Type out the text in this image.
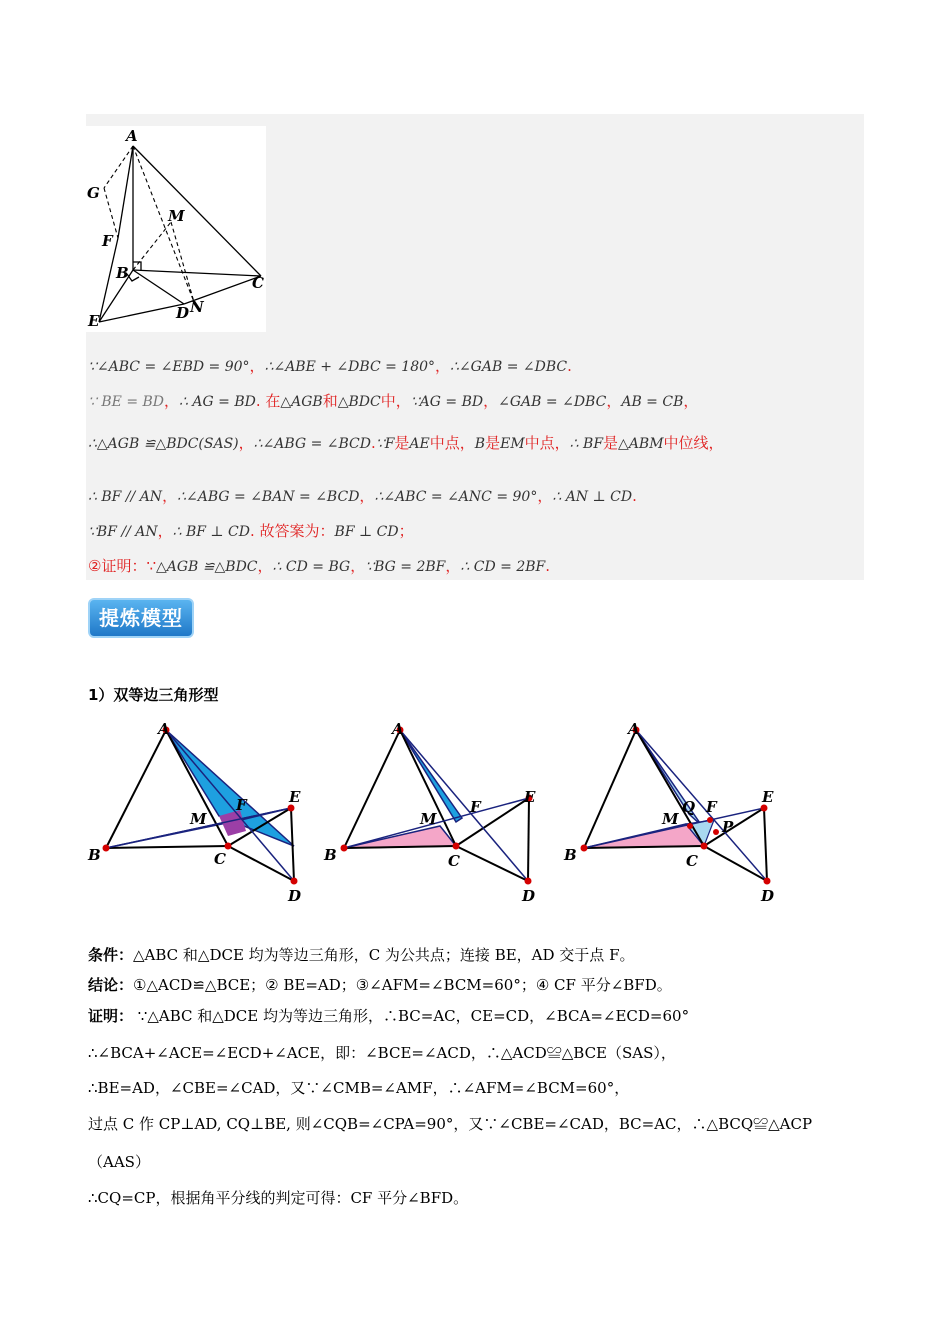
A
G
M
F
B
C
E	D N
∵∠ABC = ∠EBD = 90°，∴∠ABE + ∠DBC = 180°，∴∠GAB = ∠DBC.
∵ BE = BD，∴ AG = BD. 在△AGB和△BDC中，∵AG = BD，∠GAB = ∠DBC，AB = CB，
∴△AGB ≌△BDC(SAS)，∴∠ABG = ∠BCD.∵F是AE中点，B是EM中点，∴ BF是△ABM中位线，
∴ BF // AN，∴∠ABG = ∠BAN = ∠BCD，∴∠ABC = ∠ANC = 90°，∴ AN ⊥ CD.
∵BF // AN，∴ BF ⊥ CD. 故答案为：BF ⊥ CD；
②证明：∵△AGB ≌△BDC，∴ CD = BG，∵BG = 2BF，∴ CD = 2BF.
提炼模型
1）双等边三角形型
A
B	C
D
E
F
M
A
B	C
D
E
F
M
A
B	C
D
E
F
M
Q
P
条件：△ABC 和△DCE 均为等边三角形，C 为公共点；连接 BE，AD 交于点 F。
结论：①△ACD≌△BCE；② BE=AD；③∠AFM=∠BCM=60°；④ CF 平分∠BFD。
证明： ∵△ABC 和△DCE 均为等边三角形，∴BC=AC，CE=CD，∠BCA=∠ECD=60°
∴∠BCA+∠ACE=∠ECD+∠ACE，即：∠BCE=∠ACD，∴△ACD≌△BCE（SAS），
∴BE=AD，∠CBE=∠CAD，又∵∠CMB=∠AMF，∴∠AFM=∠BCM=60°，
过点 C 作 CP⊥AD, CQ⊥BE, 则∠CQB=∠CPA=90°，又∵∠CBE=∠CAD，BC=AC，∴△BCQ≌△ACP
（AAS）
∴CQ=CP，根据角平分线的判定可得：CF 平分∠BFD。
